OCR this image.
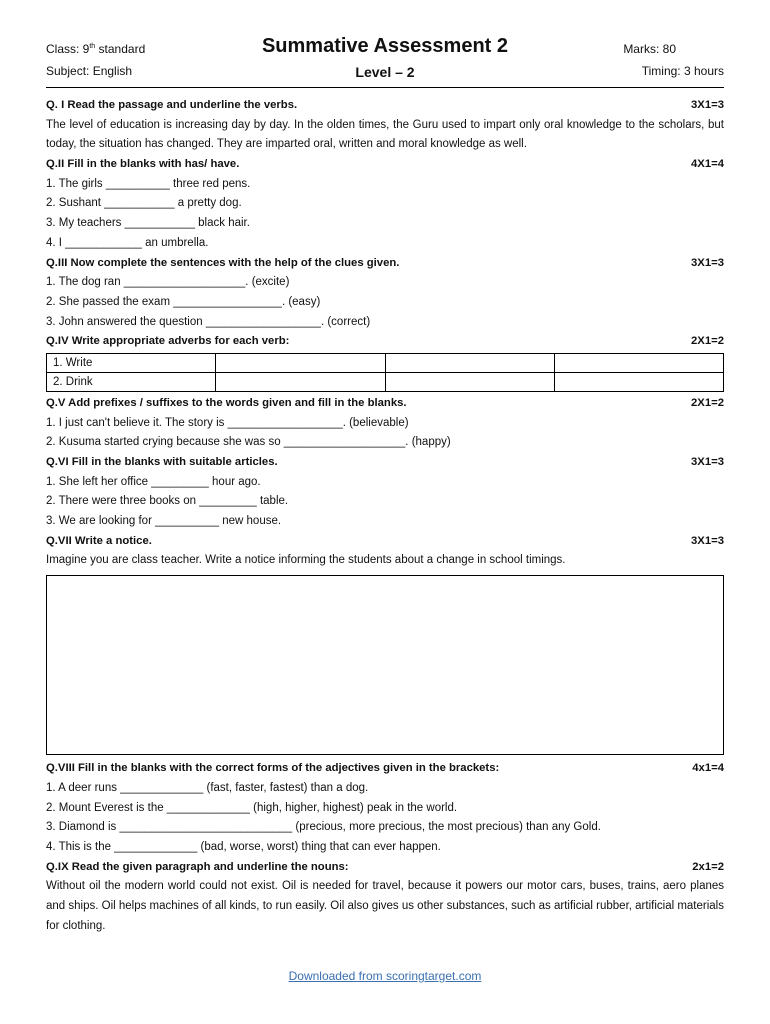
Class: 9th standard	Summative Assessment 2	Marks: 80
Subject: English	Level – 2	Timing: 3 hours
Q. I Read the passage and underline the verbs.	3X1=3
The level of education is increasing day by day. In the olden times, the Guru used to impart only oral knowledge to the scholars, but today, the situation has changed. They are imparted oral, written and moral knowledge as well.
Q.II Fill in the blanks with has/ have.	4X1=4
1. The girls __________ three red pens.
2. Sushant ___________ a pretty dog.
3. My teachers ___________ black hair.
4. I ____________ an umbrella.
Q.III Now complete the sentences with the help of the clues given.	3X1=3
1. The dog ran ___________________. (excite)
2. She passed the exam _________________. (easy)
3. John answered the question __________________. (correct)
Q.IV Write appropriate adverbs for each verb:	2X1=2
1. Write			
2. Drink			
Q.V Add prefixes / suffixes to the words given and fill in the blanks.	2X1=2
1. I just can't believe it. The story is __________________. (believable)
2. Kusuma started crying because she was so ___________________. (happy)
Q.VI Fill in the blanks with suitable articles.	3X1=3
1. She left her office _________ hour ago.
2. There were three books on _________ table.
3. We are looking for __________ new house.
Q.VII Write a notice.	3X1=3
Imagine you are class teacher. Write a notice informing the students about a change in school timings.
Q.VIII Fill in the blanks with the correct forms of the adjectives given in the brackets:	4x1=4
1. A deer runs _____________ (fast, faster, fastest) than a dog.
2. Mount Everest is the _____________ (high, higher, highest) peak in the world.
3. Diamond is ___________________________ (precious, more precious, the most precious) than any Gold.
4. This is the _____________ (bad, worse, worst) thing that can ever happen.
Q.IX Read the given paragraph and underline the nouns:	2x1=2
Without oil the modern world could not exist. Oil is needed for travel, because it powers our motor cars, buses, trains, aero planes and ships. Oil helps machines of all kinds, to run easily. Oil also gives us other substances, such as artificial rubber, artificial materials for clothing.
Downloaded from scoringtarget.com
